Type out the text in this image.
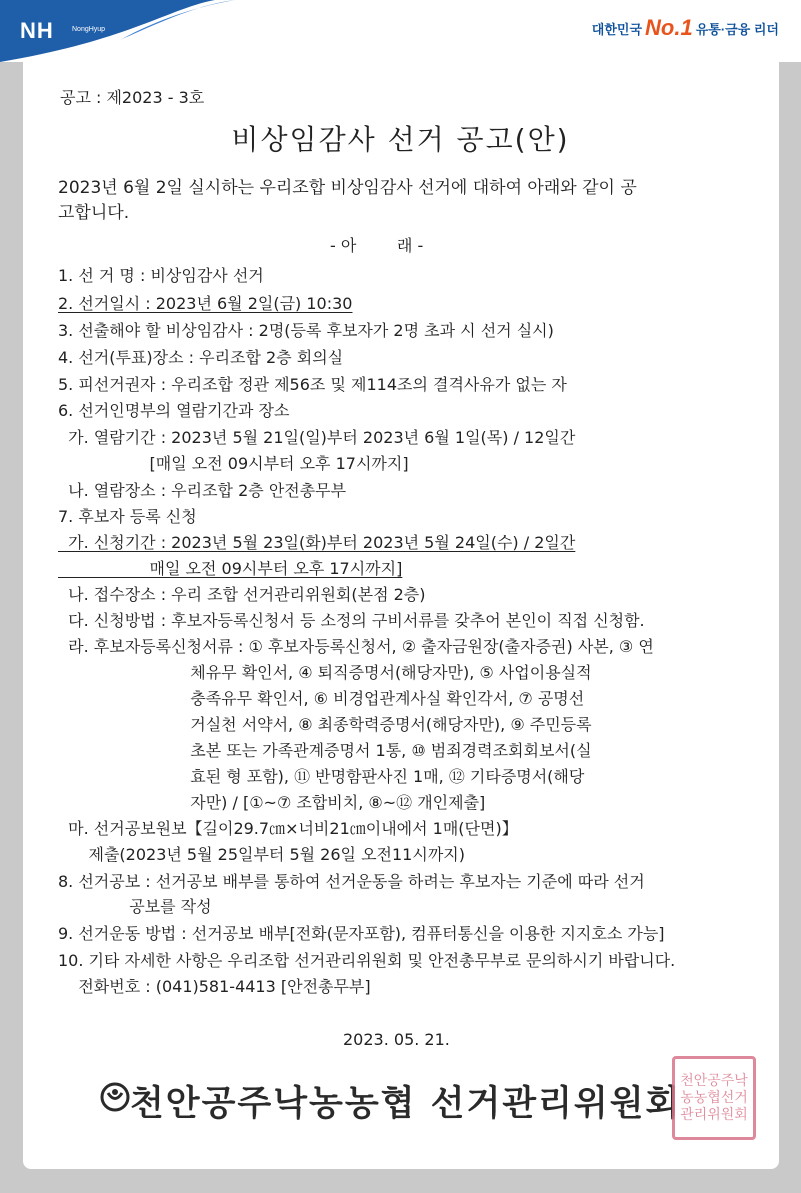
NH	NongHyup	대한민국 No.1 유통·금융 리더
공고 : 제2023 - 3호
비상임감사 선거 공고(안)
2023년 6월 2일 실시하는 우리조합 비상임감사 선거에 대하여 아래와 같이 공
고합니다.
- 아        래 -
1. 선 거 명 : 비상임감사 선거
2. 선거일시 : 2023년 6월 2일(금) 10:30
3. 선출해야 할 비상임감사 : 2명(등록 후보자가 2명 초과 시 선거 실시)
4. 선거(투표)장소 : 우리조합 2층 회의실
5. 피선거권자 : 우리조합 정관 제56조 및 제114조의 결격사유가 없는 자
6. 선거인명부의 열람기간과 장소
가. 열람기간 : 2023년 5월 21일(일)부터 2023년 6월 1일(목) / 12일간
[매일 오전 09시부터 오후 17시까지]
나. 열람장소 : 우리조합 2층 안전총무부
7. 후보자 등록 신청
가. 신청기간 : 2023년 5월 23일(화)부터 2023년 5월 24일(수) / 2일간
매일 오전 09시부터 오후 17시까지]
나. 접수장소 : 우리 조합 선거관리위원회(본점 2층)
다. 신청방법 : 후보자등록신청서 등 소정의 구비서류를 갖추어 본인이 직접 신청함.
라. 후보자등록신청서류 : ① 후보자등록신청서, ② 출자금원장(출자증권) 사본, ③ 연
체유무 확인서, ④ 퇴직증명서(해당자만), ⑤ 사업이용실적
충족유무 확인서, ⑥ 비경업관계사실 확인각서, ⑦ 공명선
거실천 서약서, ⑧ 최종학력증명서(해당자만), ⑨ 주민등록
초본 또는 가족관계증명서 1통, ⑩ 범죄경력조회회보서(실
효된 형 포함), ⑪ 반명함판사진 1매, ⑫ 기타증명서(해당
자만) / [①~⑦ 조합비치, ⑧~⑫ 개인제출]
마. 선거공보원보【길이29.7㎝×너비21㎝이내에서 1매(단면)】
제출(2023년 5월 25일부터 5월 26일 오전11시까지)
8. 선거공보 : 선거공보 배부를 통하여 선거운동을 하려는 후보자는 기준에 따라 선거
공보를 작성
9. 선거운동 방법 : 선거공보 배부[전화(문자포함), 컴퓨터통신을 이용한 지지호소 가능]
10. 기타 자세한 사항은 우리조합 선거관리위원회 및 안전총무부로 문의하시기 바랍니다.
전화번호 : (041)581-4413 [안전총무부]
2023. 05. 21.
천안공주낙농농협 선거관리위원회
천안공주낙농농협선거관리위원회
